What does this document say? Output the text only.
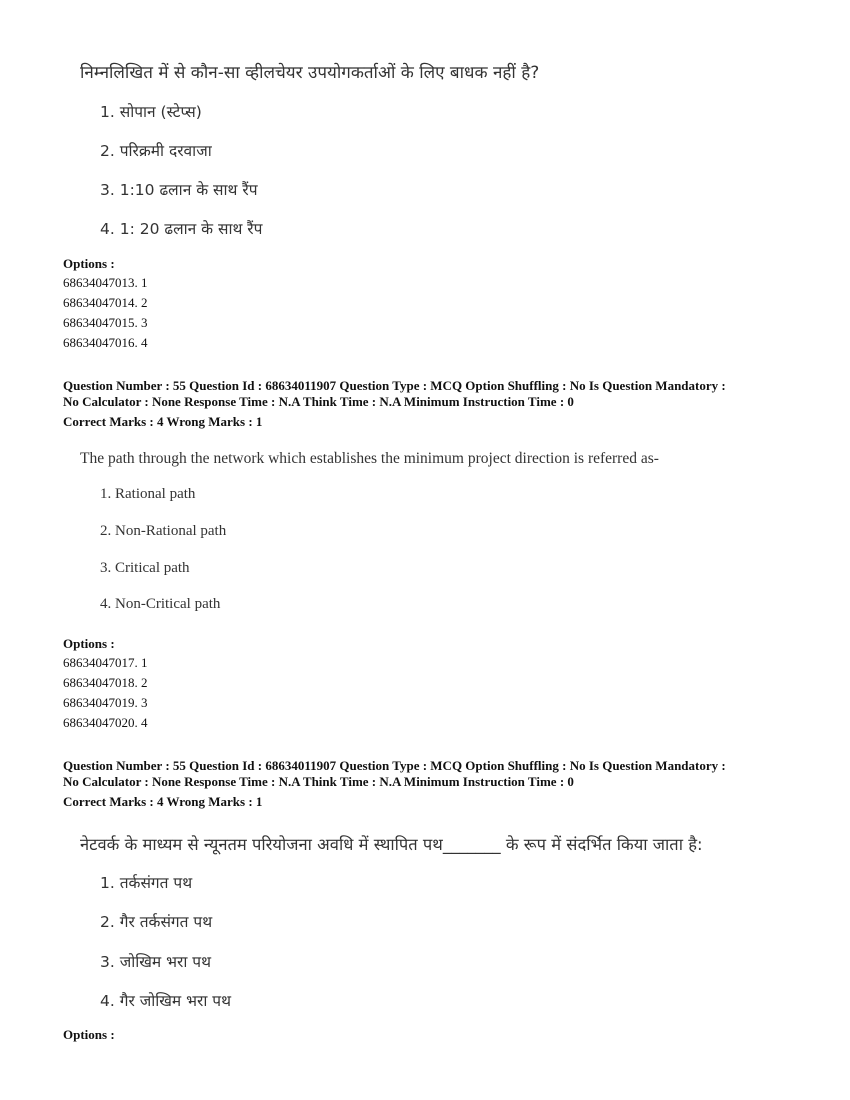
निम्नलिखित में से कौन-सा व्हीलचेयर उपयोगकर्ताओं के लिए बाधक नहीं है?
1. सोपान (स्टेप्स)
2. परिक्रमी दरवाजा
3. 1:10 ढलान के साथ रैंप
4. 1: 20 ढलान के साथ रैंप
Options :
68634047013. 1
68634047014. 2
68634047015. 3
68634047016. 4
Question Number : 55 Question Id : 68634011907 Question Type : MCQ Option Shuffling : No Is Question Mandatory :
No Calculator : None Response Time : N.A Think Time : N.A Minimum Instruction Time : 0
Correct Marks : 4 Wrong Marks : 1
The path through the network which establishes the minimum project direction is referred as-
1. Rational path
2. Non-Rational path
3. Critical path
4. Non-Critical path
Options :
68634047017. 1
68634047018. 2
68634047019. 3
68634047020. 4
Question Number : 55 Question Id : 68634011907 Question Type : MCQ Option Shuffling : No Is Question Mandatory :
No Calculator : None Response Time : N.A Think Time : N.A Minimum Instruction Time : 0
Correct Marks : 4 Wrong Marks : 1
नेटवर्क के माध्यम से न्यूनतम परियोजना अवधि में स्थापित पथ_______ के रूप में संदर्भित किया जाता है:
1. तर्कसंगत पथ
2. गैर तर्कसंगत पथ
3. जोखिम भरा पथ
4. गैर जोखिम भरा पथ
Options :
